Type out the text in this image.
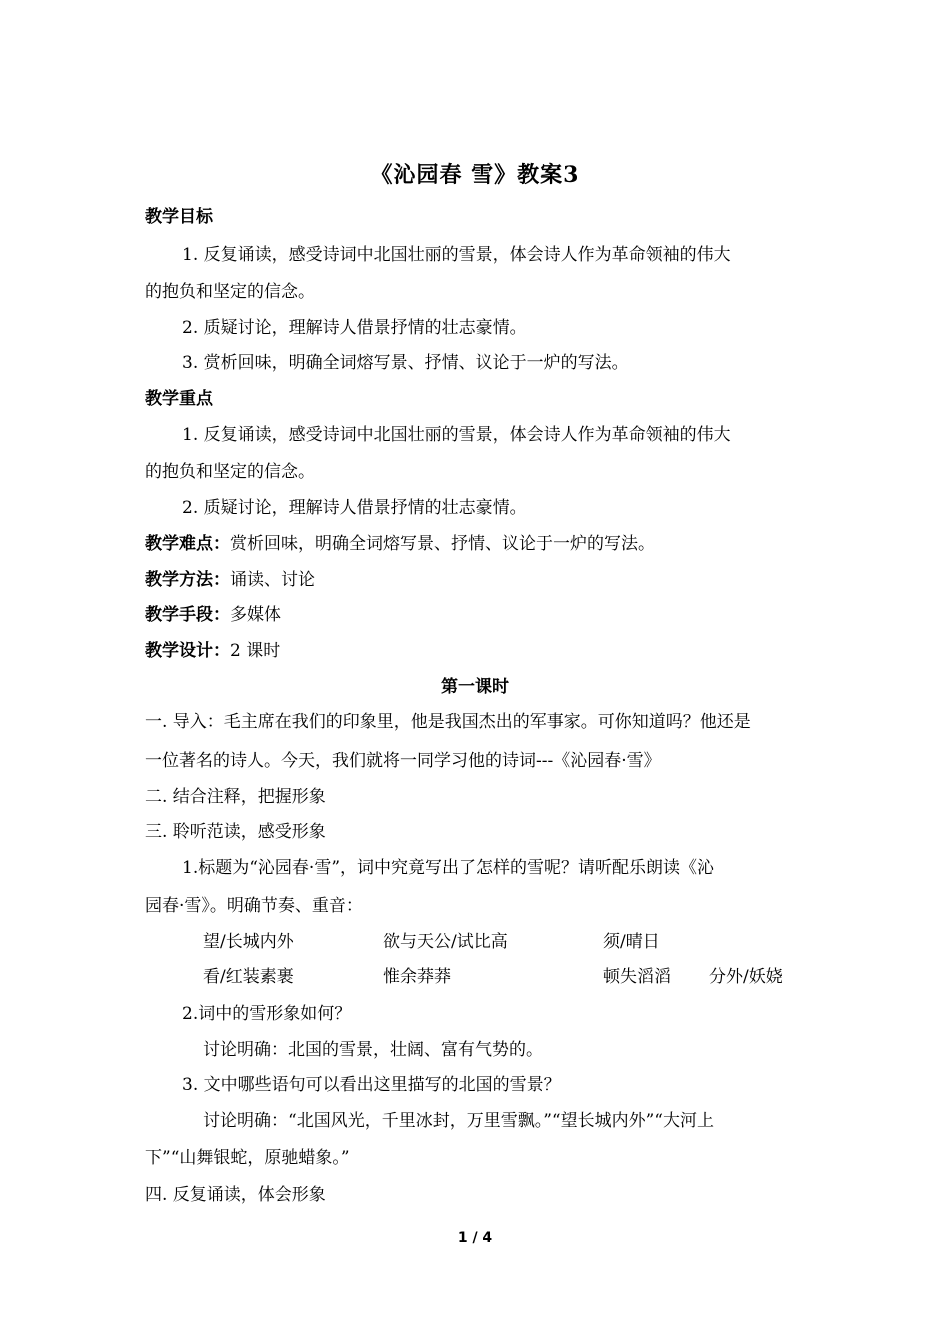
《沁园春 雪》教案3
教学目标
1. 反复诵读，感受诗词中北国壮丽的雪景，体会诗人作为革命领袖的伟大
的抱负和坚定的信念。
2. 质疑讨论，理解诗人借景抒情的壮志豪情。
3. 赏析回味，明确全词熔写景、抒情、议论于一炉的写法。
教学重点
1. 反复诵读，感受诗词中北国壮丽的雪景，体会诗人作为革命领袖的伟大
的抱负和坚定的信念。
2. 质疑讨论，理解诗人借景抒情的壮志豪情。
教学难点：赏析回味，明确全词熔写景、抒情、议论于一炉的写法。
教学方法：诵读、讨论
教学手段：多媒体
教学设计：2 课时
第一课时
一. 导入：毛主席在我们的印象里，他是我国杰出的军事家。可你知道吗？他还是
一位著名的诗人。今天，我们就将一同学习他的诗词---《沁园春·雪》
二. 结合注释，把握形象
三. 聆听范读，感受形象
1.标题为“沁园春·雪”，词中究竟写出了怎样的雪呢？请听配乐朗读《沁
园春·雪》。明确节奏、重音：
望/长城内外	欲与天公/试比高	须/晴日
看/红装素裹	惟余莽莽	顿失滔滔 分外/妖娆
2.词中的雪形象如何？
讨论明确：北国的雪景，壮阔、富有气势的。
3. 文中哪些语句可以看出这里描写的北国的雪景？
讨论明确：“北国风光，千里冰封，万里雪飘。”“望长城内外”“大河上
下”“山舞银蛇，原驰蜡象。”
四. 反复诵读，体会形象
1 / 4
